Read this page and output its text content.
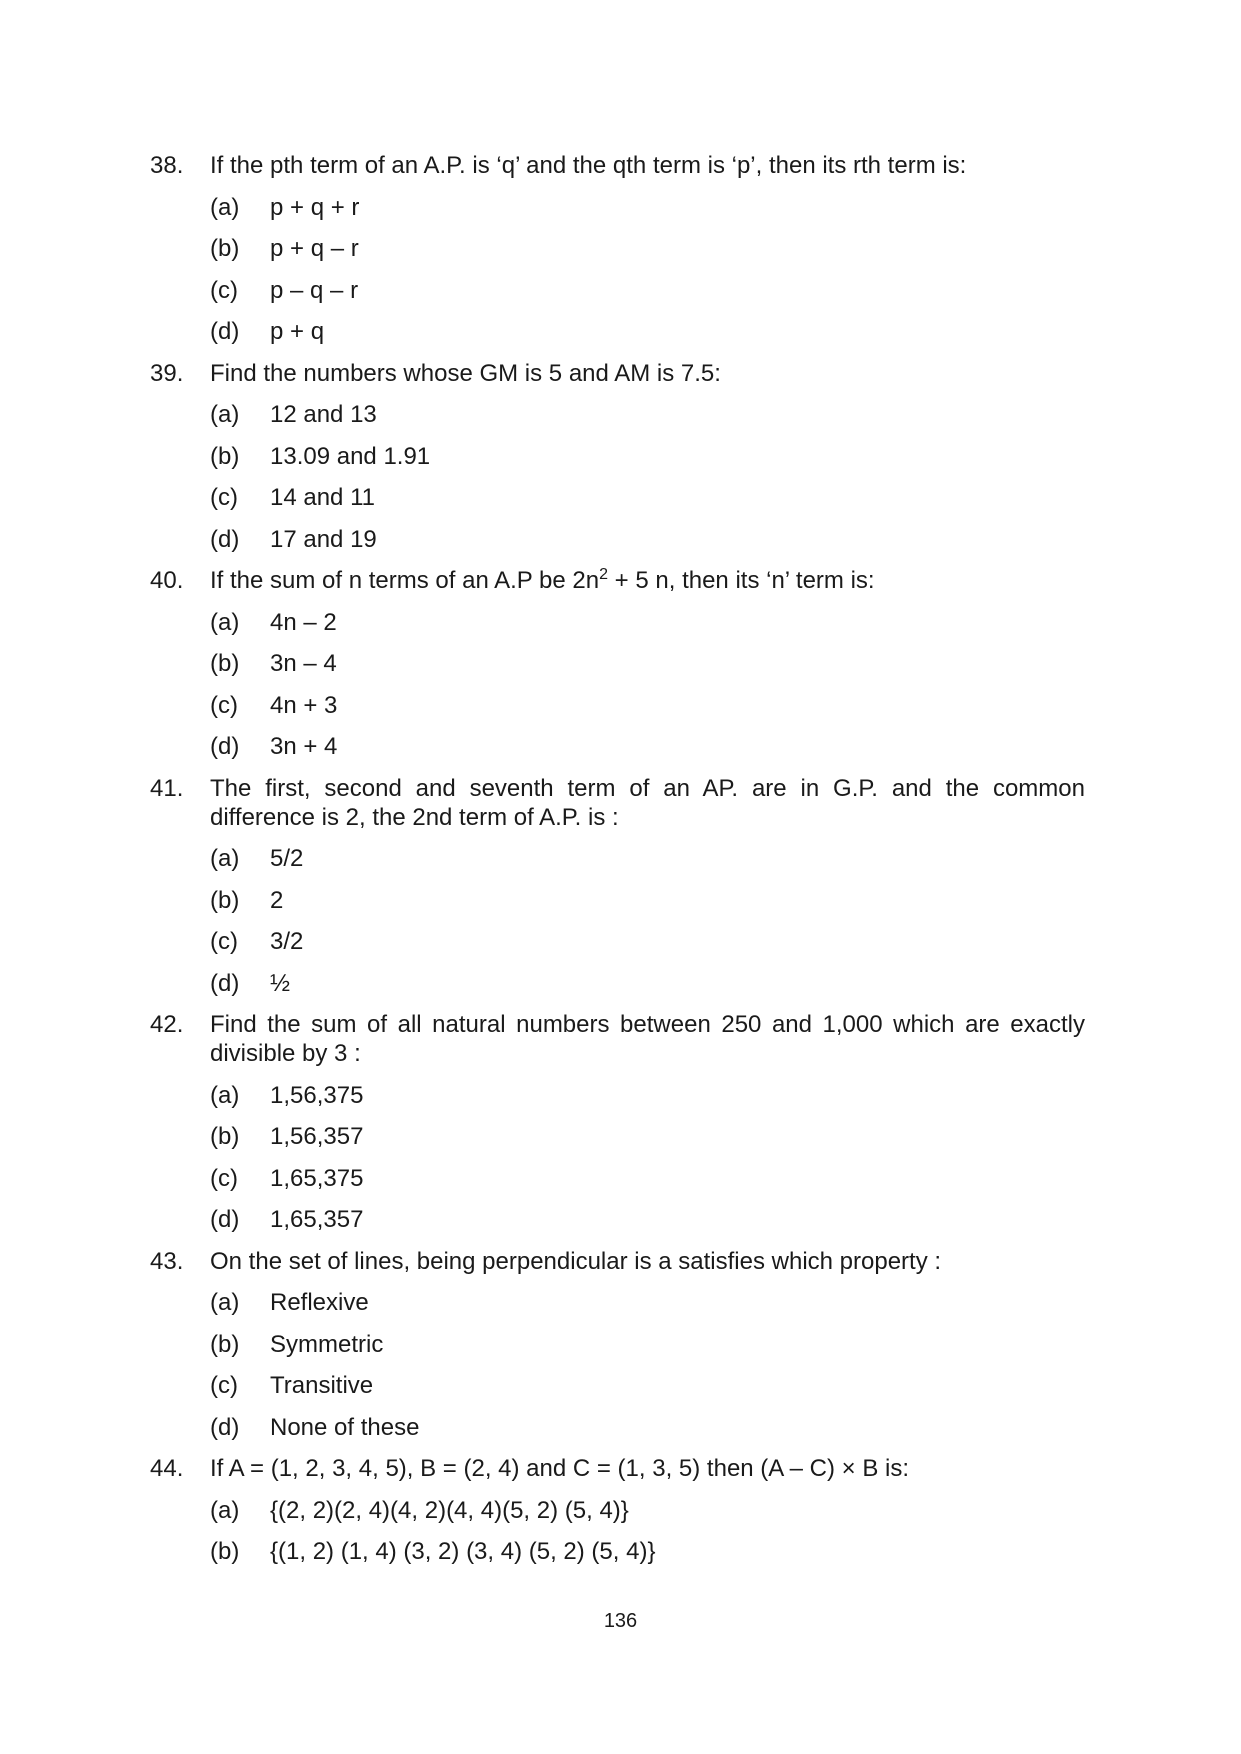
38.	If the pth term of an A.P. is ‘q’ and the qth term is ‘p’, then its rth term is:
(a)	p + q + r
(b)	p + q – r
(c)	p – q – r
(d)	p + q
39.	Find the numbers whose GM is 5 and AM is 7.5:
(a)	12 and 13
(b)	13.09 and 1.91
(c)	14 and 11
(d)	17 and 19
40.	If the sum of n terms of an A.P be $2n^2 + 5$ n, then its ‘n’ term is:
(a)	4n – 2
(b)	3n – 4
(c)	4n + 3
(d)	3n + 4
41.	The first, second and seventh term of an AP. are in G.P. and the common difference is 2, the 2nd term of A.P. is :
(a)	5/2
(b)	2
(c)	3/2
(d)	½
42.	Find the sum of all natural numbers between 250 and 1,000 which are exactly divisible by 3 :
(a)	1,56,375
(b)	1,56,357
(c)	1,65,375
(d)	1,65,357
43.	On the set of lines, being perpendicular is a satisfies which property :
(a)	Reflexive
(b)	Symmetric
(c)	Transitive
(d)	None of these
44.	If A = (1, 2, 3, 4, 5), B = (2, 4) and C = (1, 3, 5) then (A – C) × B is:
(a)	{(2, 2)(2, 4)(4, 2)(4, 4)(5, 2) (5, 4)}
(b)	{(1, 2) (1, 4) (3, 2) (3, 4) (5, 2) (5, 4)}
136
